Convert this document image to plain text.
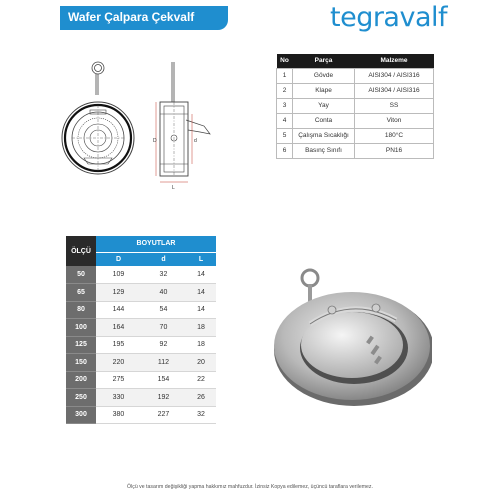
Wafer Çalpara Çekvalf	tegravalf
D	d
L
No	Parça	Malzeme
1	Gövde	AISI304 / AISI316
2	Klape	AISI304 / AISI316
3	Yay	SS
4	Conta	Viton
5	Çalışma Sıcaklığı	180°C
6	Basınç Sınıfı	PN16
ÖLÇÜ	BOYUTLAR		
	D	d	L
50	109	32	14
65	129	40	14
80	144	54	14
100	164	70	18
125	195	92	18
150	220	112	20
200	275	154	22
250	330	192	26
300	380	227	32
Ölçü ve tasarım değişikliği yapma hakkımız mahfuzdur. İzinsiz Kopya edilemez, üçüncü taraflara verilemez.
